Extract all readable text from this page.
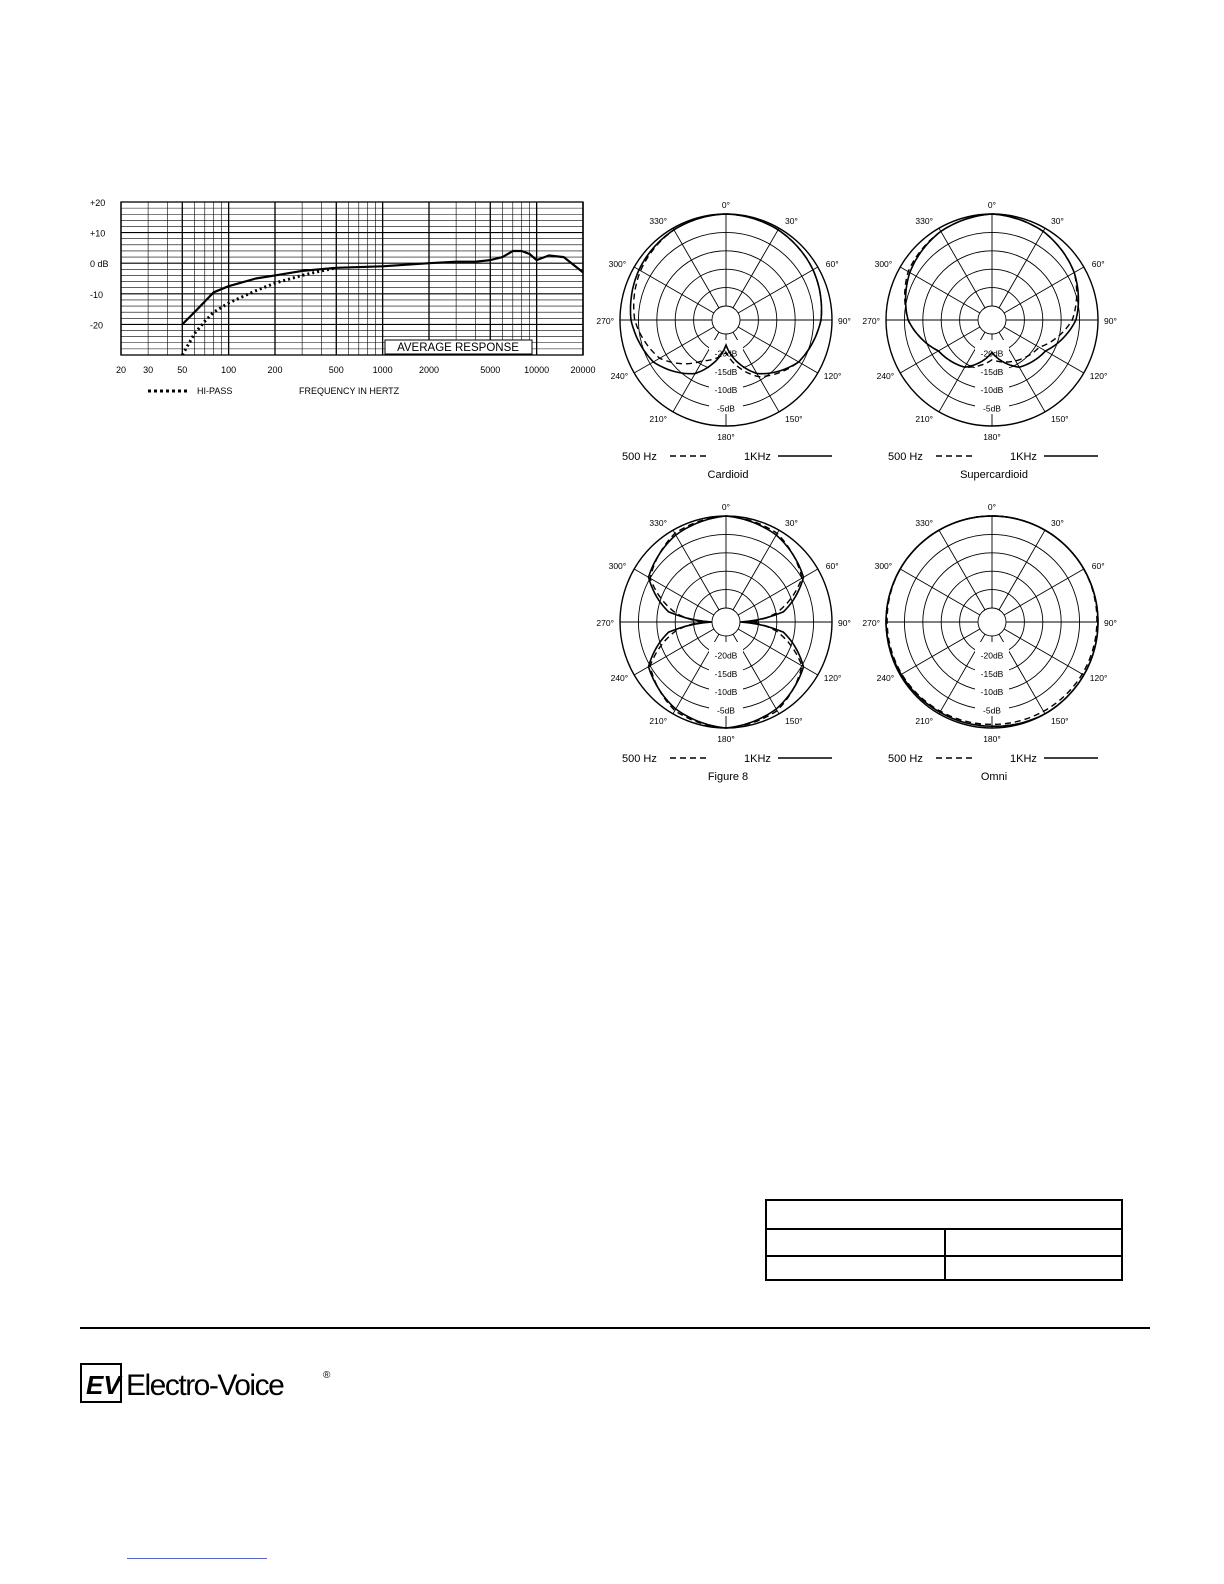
+20
+10
0 dB
-10
-20
20 30	50	100	200	500	1000	2000	5000	10000 20000
AVERAGE RESPONSE
HI-PASS	FREQUENCY IN HERTZ
0°
30°
60°
90°
120°
150°
180°
210°
240°
270°
300°
330°
-20dB
-15dB
-10dB
-5dB
500 Hz	1KHz
Cardioid
0°
30°
60°
90°
120°
150°
180°
210°
240°
270°
300°
330°
-20dB
-15dB
-10dB
-5dB
500 Hz	1KHz
Supercardioid
0°
30°
60°
90°
120°
150°
180°
210°
240°
270°
300°
330°
-20dB
-15dB
-10dB
-5dB
500 Hz	1KHz
Figure 8
0°
30°
60°
90°
120°
150°
180°
210°
240°
270°
300°
330°
-20dB
-15dB
-10dB
-5dB
500 Hz	1KHz
Omni
EV Electro-Voice	®
